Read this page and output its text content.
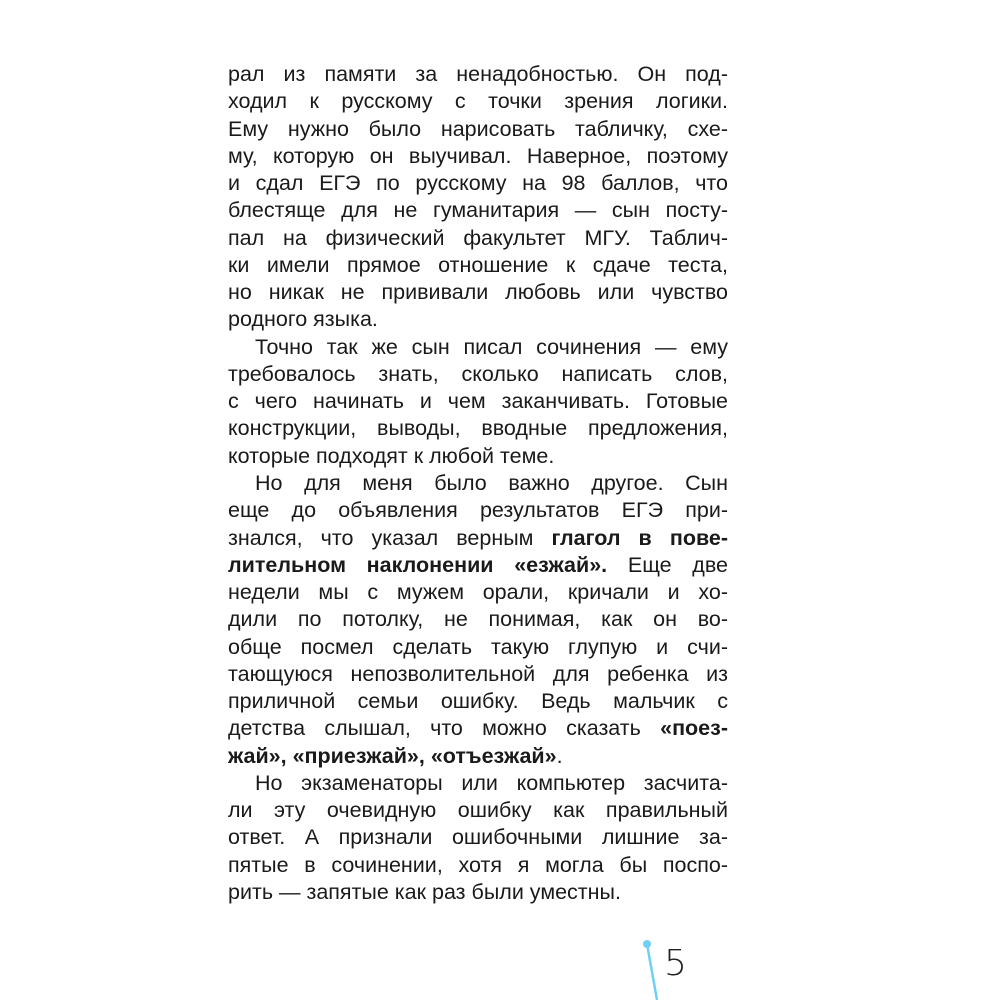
рал из памяти за ненадобностью. Он под-
ходил к русскому с точки зрения логики.
Ему нужно было нарисовать табличку, схе-
му, которую он выучивал. Наверное, поэтому
и сдал ЕГЭ по русскому на 98 баллов, что
блестяще для не гуманитария — сын посту-
пал на физический факультет МГУ. Таблич-
ки имели прямое отношение к сдаче теста,
но никак не прививали любовь или чувство
родного языка.
Точно так же сын писал сочинения — ему
требовалось знать, сколько написать слов,
с чего начинать и чем заканчивать. Готовые
конструкции, выводы, вводные предложения,
которые подходят к любой теме.
Но для меня было важно другое. Сын
еще до объявления результатов ЕГЭ при-
знался, что указал верным глагол в пове-
лительном наклонении «езжай». Еще две
недели мы с мужем орали, кричали и хо-
дили по потолку, не понимая, как он во-
обще посмел сделать такую глупую и счи-
тающуюся непозволительной для ребенка из
приличной семьи ошибку. Ведь мальчик с
детства слышал, что можно сказать «поез-
жай», «приезжай», «отъезжай».
Но экзаменаторы или компьютер засчита-
ли эту очевидную ошибку как правильный
ответ. А признали ошибочными лишние за-
пятые в сочинении, хотя я могла бы поспо-
рить — запятые как раз были уместны.
5
